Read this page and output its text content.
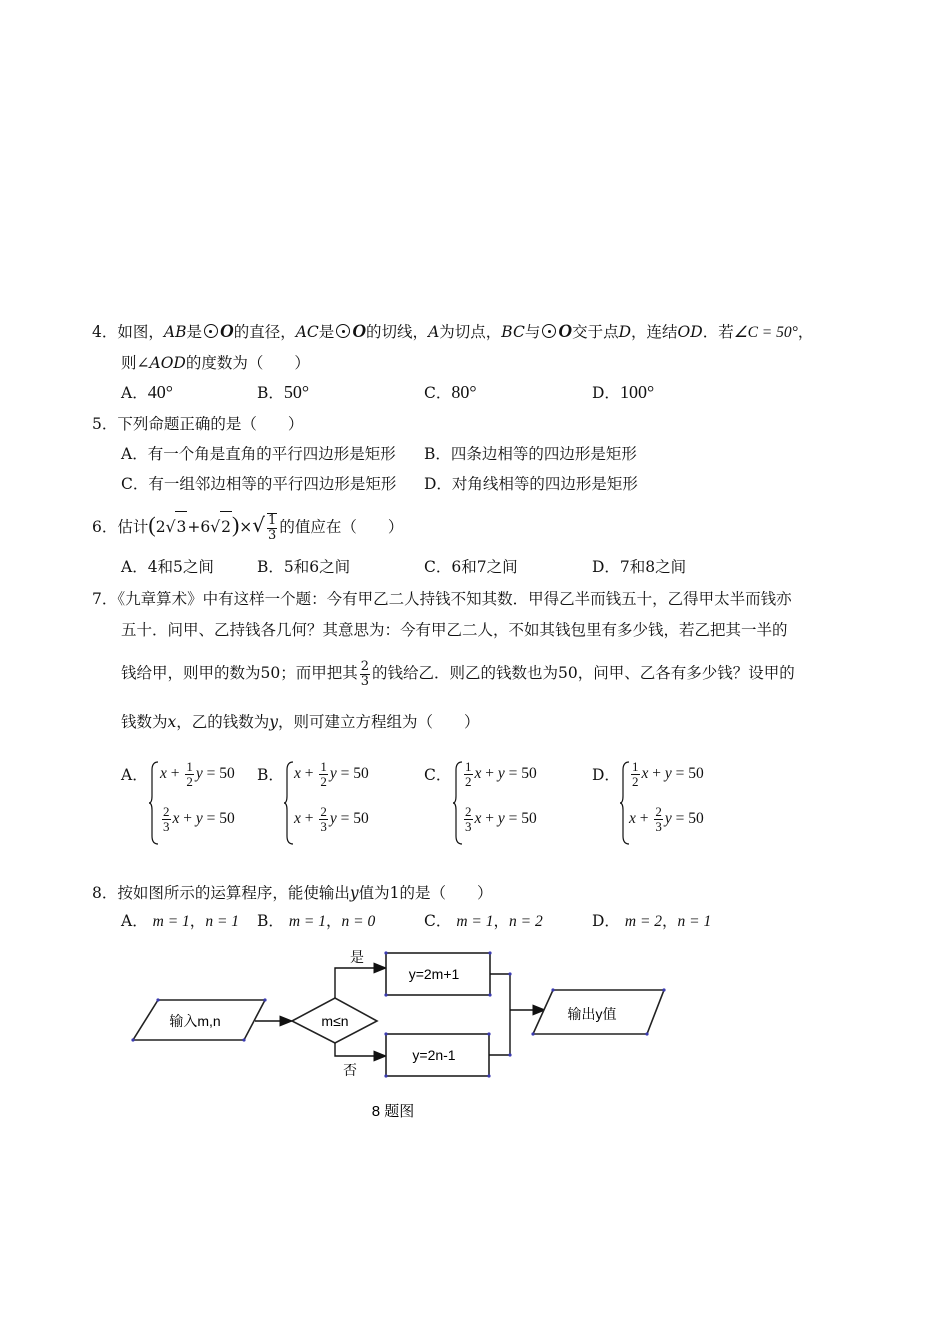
4．如图，AB是 O的直径，AC是 O的切线，A为切点，BC与 O交于点D，连结OD．若∠C = 50°，
则∠AOD的度数为（　　）
A．40°	B．50°	C．80°	D．100°
5．下列命题正确的是（　　）
A．有一个角是直角的平行四边形是矩形 B．四条边相等的四边形是矩形
C．有一组邻边相等的平行四边形是矩形 D．对角线相等的四边形是矩形
6．估计$(2√3+6√2)\times√ \frac{1}{3}$ 的值应在（　　）
A．4和5之间	B．5和6之间	C．6和7之间	D．7和8之间
7．《九章算术》中有这样一个题：今有甲乙二人持钱不知其数．甲得乙半而钱五十，乙得甲太半而钱亦
五十．问甲、乙持钱各几何？其意思为：今有甲乙二人，不如其钱包里有多少钱，若乙把其一半的
钱给甲，则甲的数为50；而甲把其 $\frac{2}{3}$ 的钱给乙．则乙的钱数也为50，问甲、乙各有多少钱？设甲的
钱数为x，乙的钱数为y，则可建立方程组为（　　）
A． $x + \frac{1}{2}$ y = 50
$\frac{2}{3}$ x + y = 50
B． $x + \frac{1}{2}$ y = 50
$x + \frac{2}{3}$ y = 50
C． $\frac{1}{2}$ x + y = 50
$\frac{2}{3}$ x + y = 50
D． $\frac{1}{2}$ x + y = 50
$x + \frac{2}{3}$ y = 50
8．按如图所示的运算程序，能使输出y值为1的是（　　）
A． m = 1，n = 1 B． m = 1，n = 0	C． m = 1，n = 2	D． m = 2，n = 1
输入m,n	m≤n
是
否
y=2m+1
y=2n-1
输出y值
8 题图
